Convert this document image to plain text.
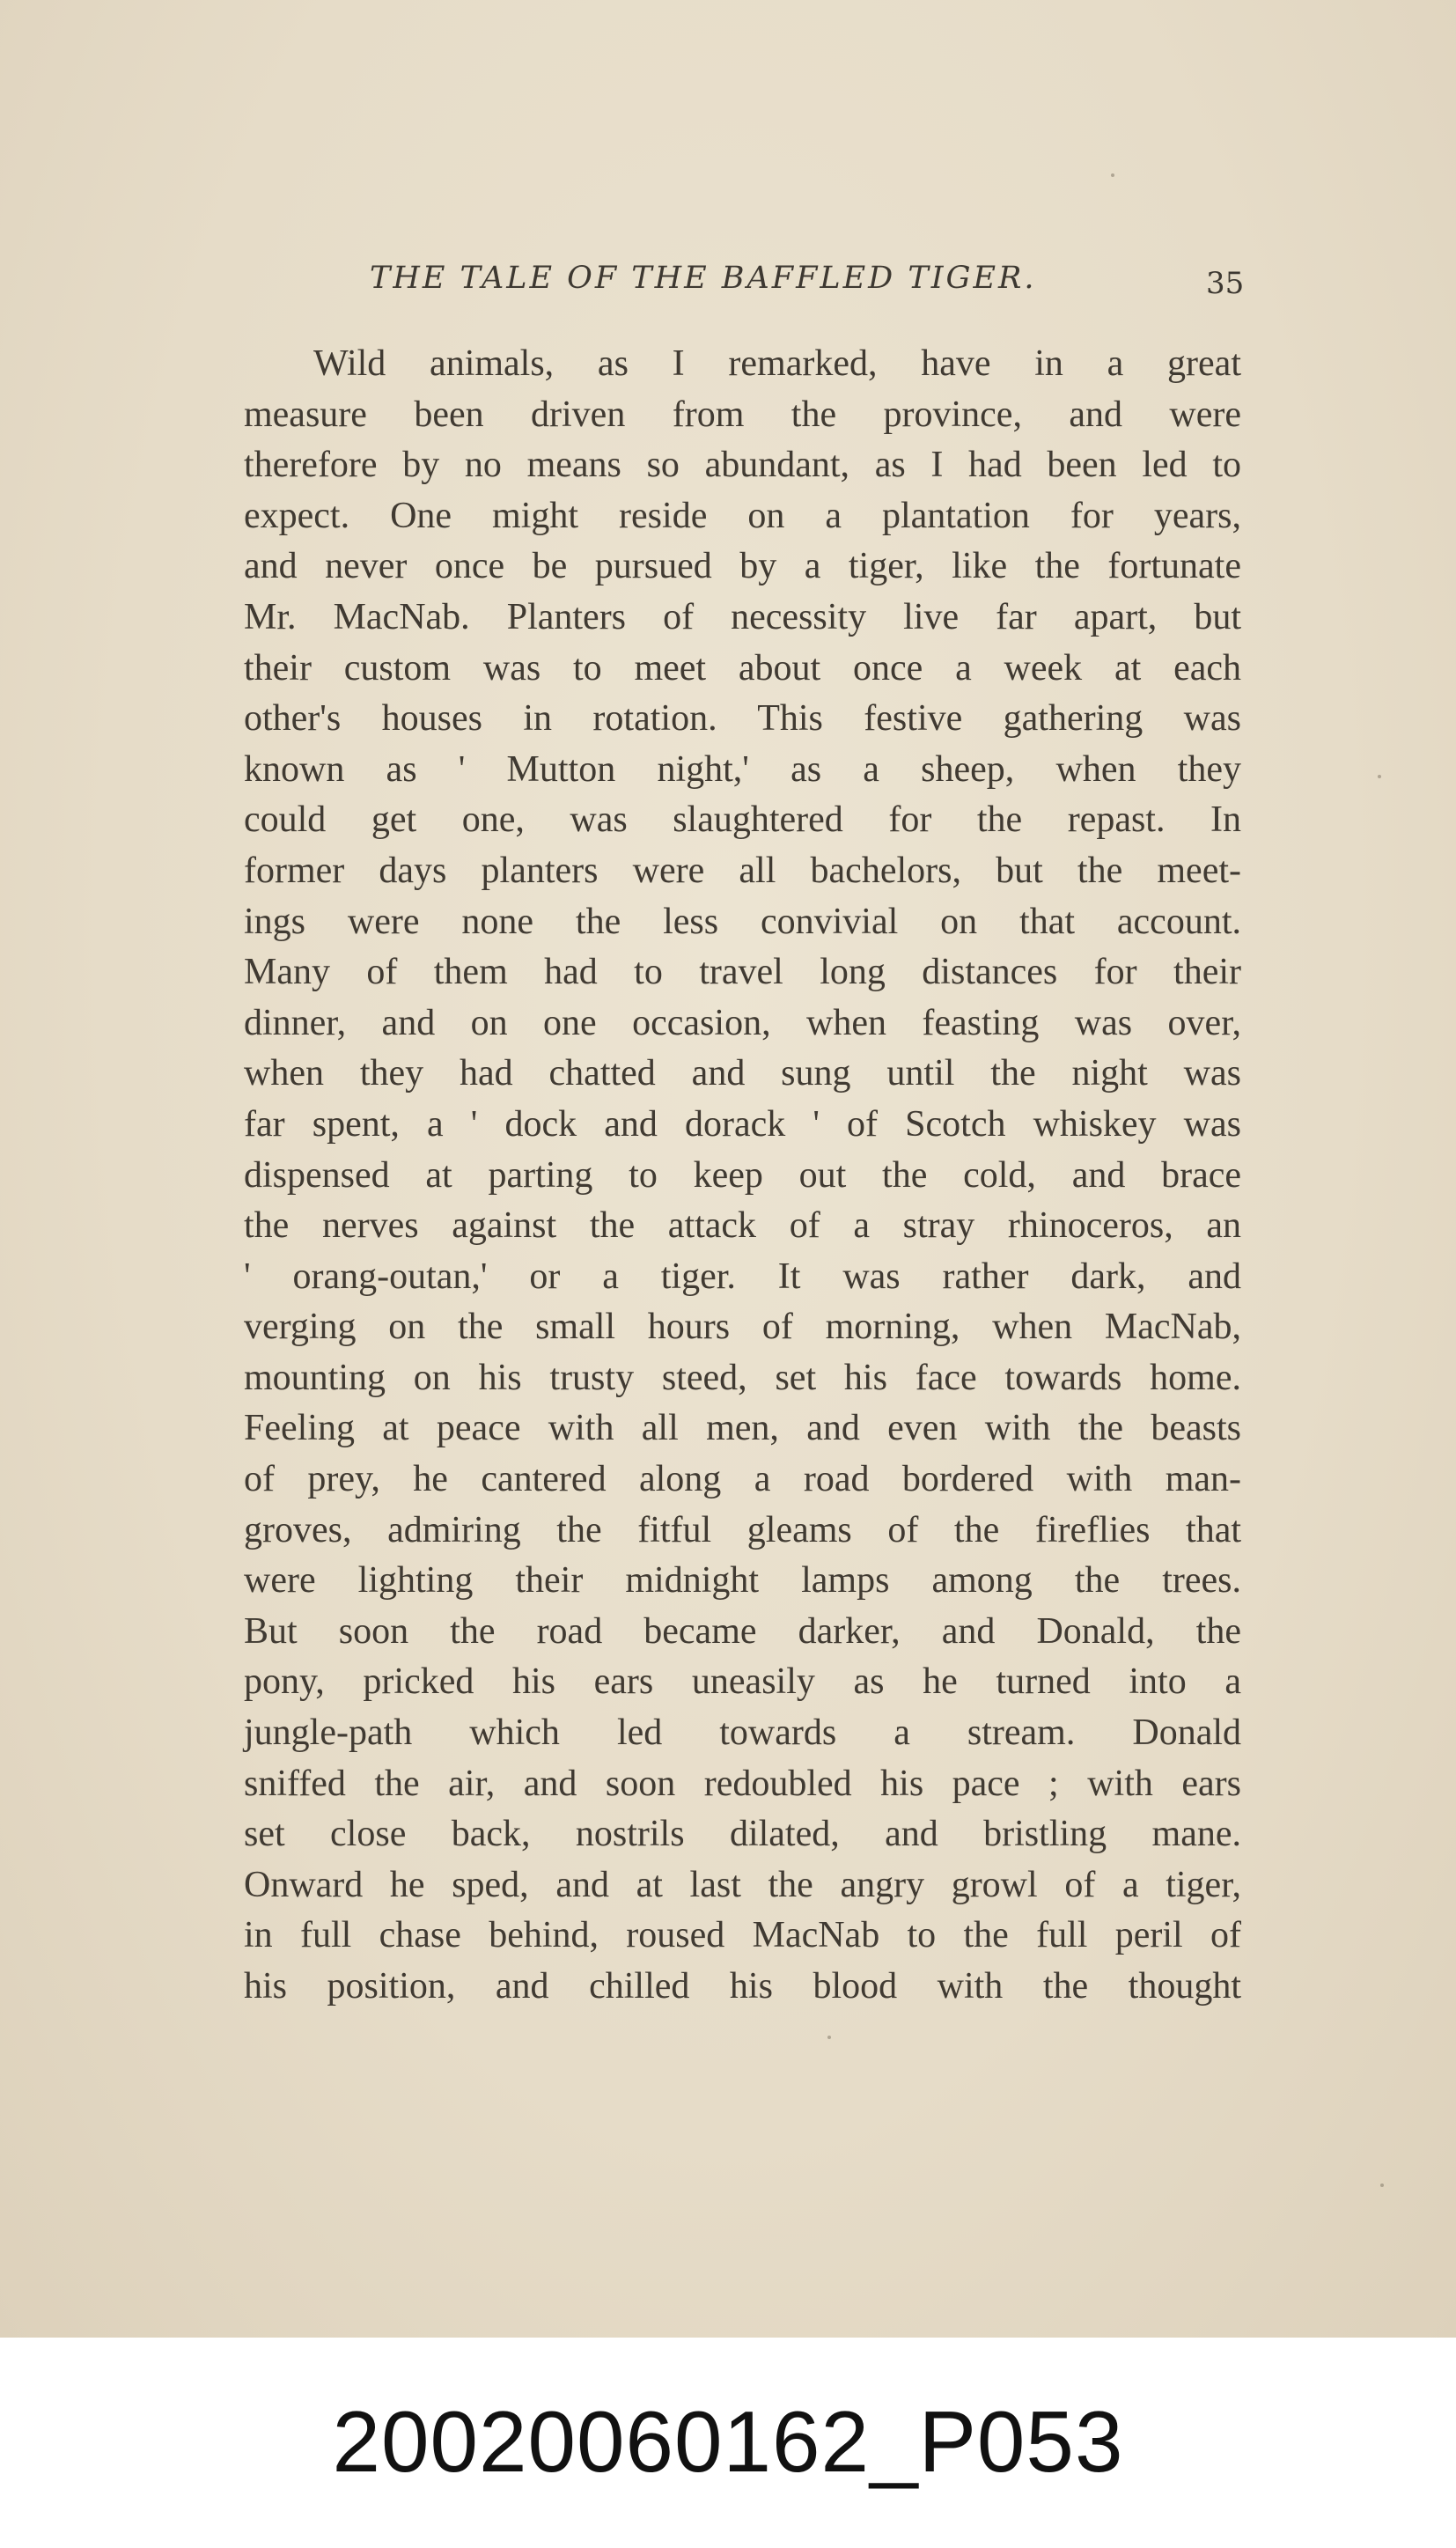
THE TALE OF THE BAFFLED TIGER.	35
Wild animals, as I remarked, have in a great
measure been driven from the province, and were
therefore by no means so abundant, as I had been led to
expect. One might reside on a plantation for years,
and never once be pursued by a tiger, like the fortunate
Mr. MacNab. Planters of necessity live far apart, but
their custom was to meet about once a week at each
other's houses in rotation. This festive gathering was
known as ' Mutton night,' as a sheep, when they
could get one, was slaughtered for the repast. In
former days planters were all bachelors, but the meet-
ings were none the less convivial on that account.
Many of them had to travel long distances for their
dinner, and on one occasion, when feasting was over,
when they had chatted and sung until the night was
far spent, a ' dock and dorack ' of Scotch whiskey was
dispensed at parting to keep out the cold, and brace
the nerves against the attack of a stray rhinoceros, an
' orang-outan,' or a tiger. It was rather dark, and
verging on the small hours of morning, when MacNab,
mounting on his trusty steed, set his face towards home.
Feeling at peace with all men, and even with the beasts
of prey, he cantered along a road bordered with man-
groves, admiring the fitful gleams of the fireflies that
were lighting their midnight lamps among the trees.
But soon the road became darker, and Donald, the
pony, pricked his ears uneasily as he turned into a
jungle-path which led towards a stream. Donald
sniffed the air, and soon redoubled his pace ; with ears
set close back, nostrils dilated, and bristling mane.
Onward he sped, and at last the angry growl of a tiger,
in full chase behind, roused MacNab to the full peril of
his position, and chilled his blood with the thought
20020060162_P053
